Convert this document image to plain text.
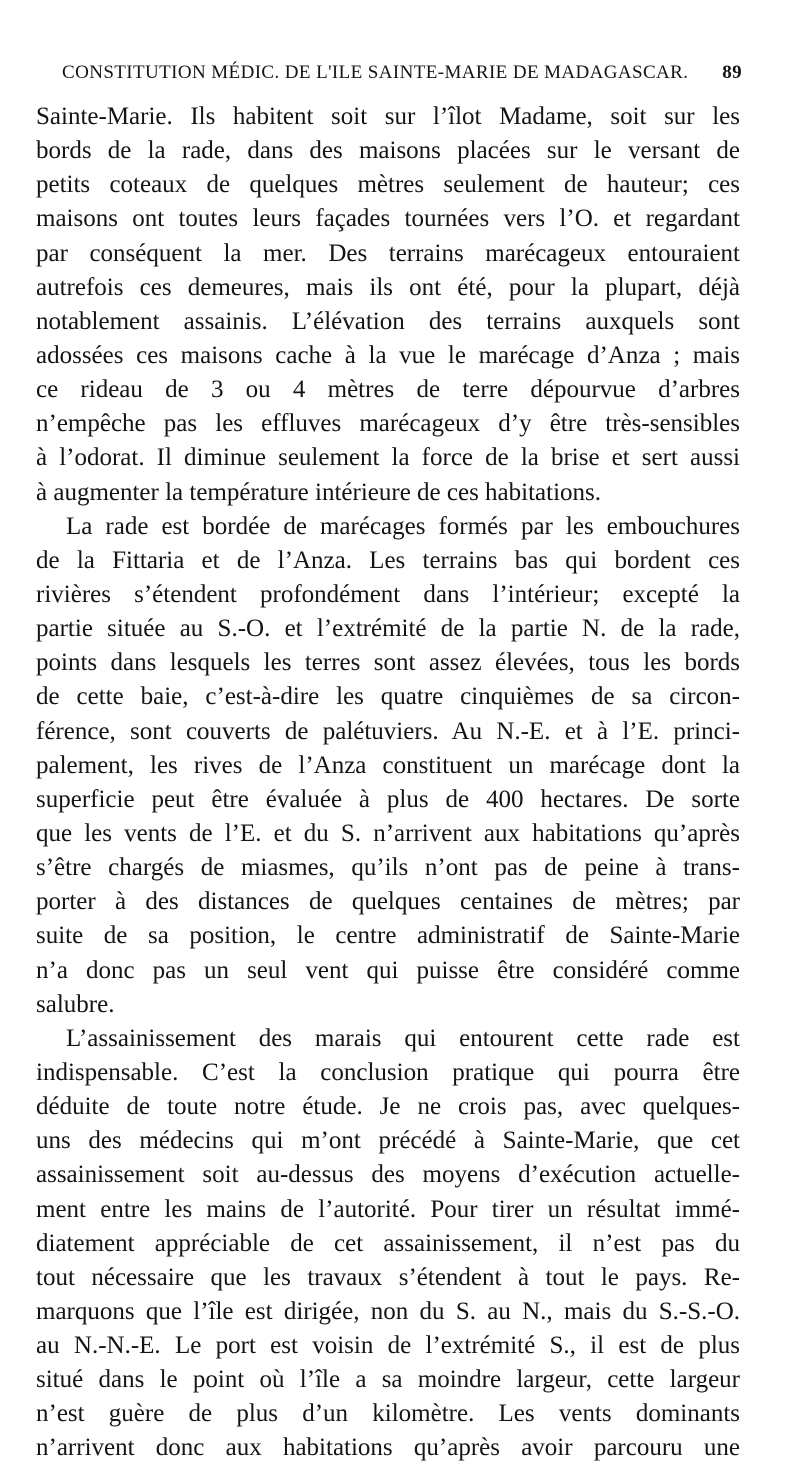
CONSTITUTION MÉDIC. DE L'ILE SAINTE-MARIE DE MADAGASCAR. 89
Sainte-Marie. Ils habitent soit sur l’îlot Madame, soit sur les
bords de la rade, dans des maisons placées sur le versant de
petits coteaux de quelques mètres seulement de hauteur; ces
maisons ont toutes leurs façades tournées vers l’O. et regardant
par conséquent la mer. Des terrains marécageux entouraient
autrefois ces demeures, mais ils ont été, pour la plupart, déjà
notablement assainis. L’élévation des terrains auxquels sont
adossées ces maisons cache à la vue le marécage d’Anza ; mais
ce rideau de 3 ou 4 mètres de terre dépourvue d’arbres
n’empêche pas les effluves marécageux d’y être très-sensibles
à l’odorat. Il diminue seulement la force de la brise et sert aussi
à augmenter la température intérieure de ces habitations.
La rade est bordée de marécages formés par les embouchures
de la Fittaria et de l’Anza. Les terrains bas qui bordent ces
rivières s’étendent profondément dans l’intérieur; excepté la
partie située au S.-O. et l’extrémité de la partie N. de la rade,
points dans lesquels les terres sont assez élevées, tous les bords
de cette baie, c’est-à-dire les quatre cinquièmes de sa circon-
férence, sont couverts de palétuviers. Au N.-E. et à l’E. princi-
palement, les rives de l’Anza constituent un marécage dont la
superficie peut être évaluée à plus de 400 hectares. De sorte
que les vents de l’E. et du S. n’arrivent aux habitations qu’après
s’être chargés de miasmes, qu’ils n’ont pas de peine à trans-
porter à des distances de quelques centaines de mètres; par
suite de sa position, le centre administratif de Sainte-Marie
n’a donc pas un seul vent qui puisse être considéré comme
salubre.
L’assainissement des marais qui entourent cette rade est
indispensable. C’est la conclusion pratique qui pourra être
déduite de toute notre étude. Je ne crois pas, avec quelques-
uns des médecins qui m’ont précédé à Sainte-Marie, que cet
assainissement soit au-dessus des moyens d’exécution actuelle-
ment entre les mains de l’autorité. Pour tirer un résultat immé-
diatement appréciable de cet assainissement, il n’est pas du
tout nécessaire que les travaux s’étendent à tout le pays. Re-
marquons que l’île est dirigée, non du S. au N., mais du S.-S.-O.
au N.-N.-E. Le port est voisin de l’extrémité S., il est de plus
situé dans le point où l’île a sa moindre largeur, cette largeur
n’est guère de plus d’un kilomètre. Les vents dominants
n’arrivent donc aux habitations qu’après avoir parcouru une
